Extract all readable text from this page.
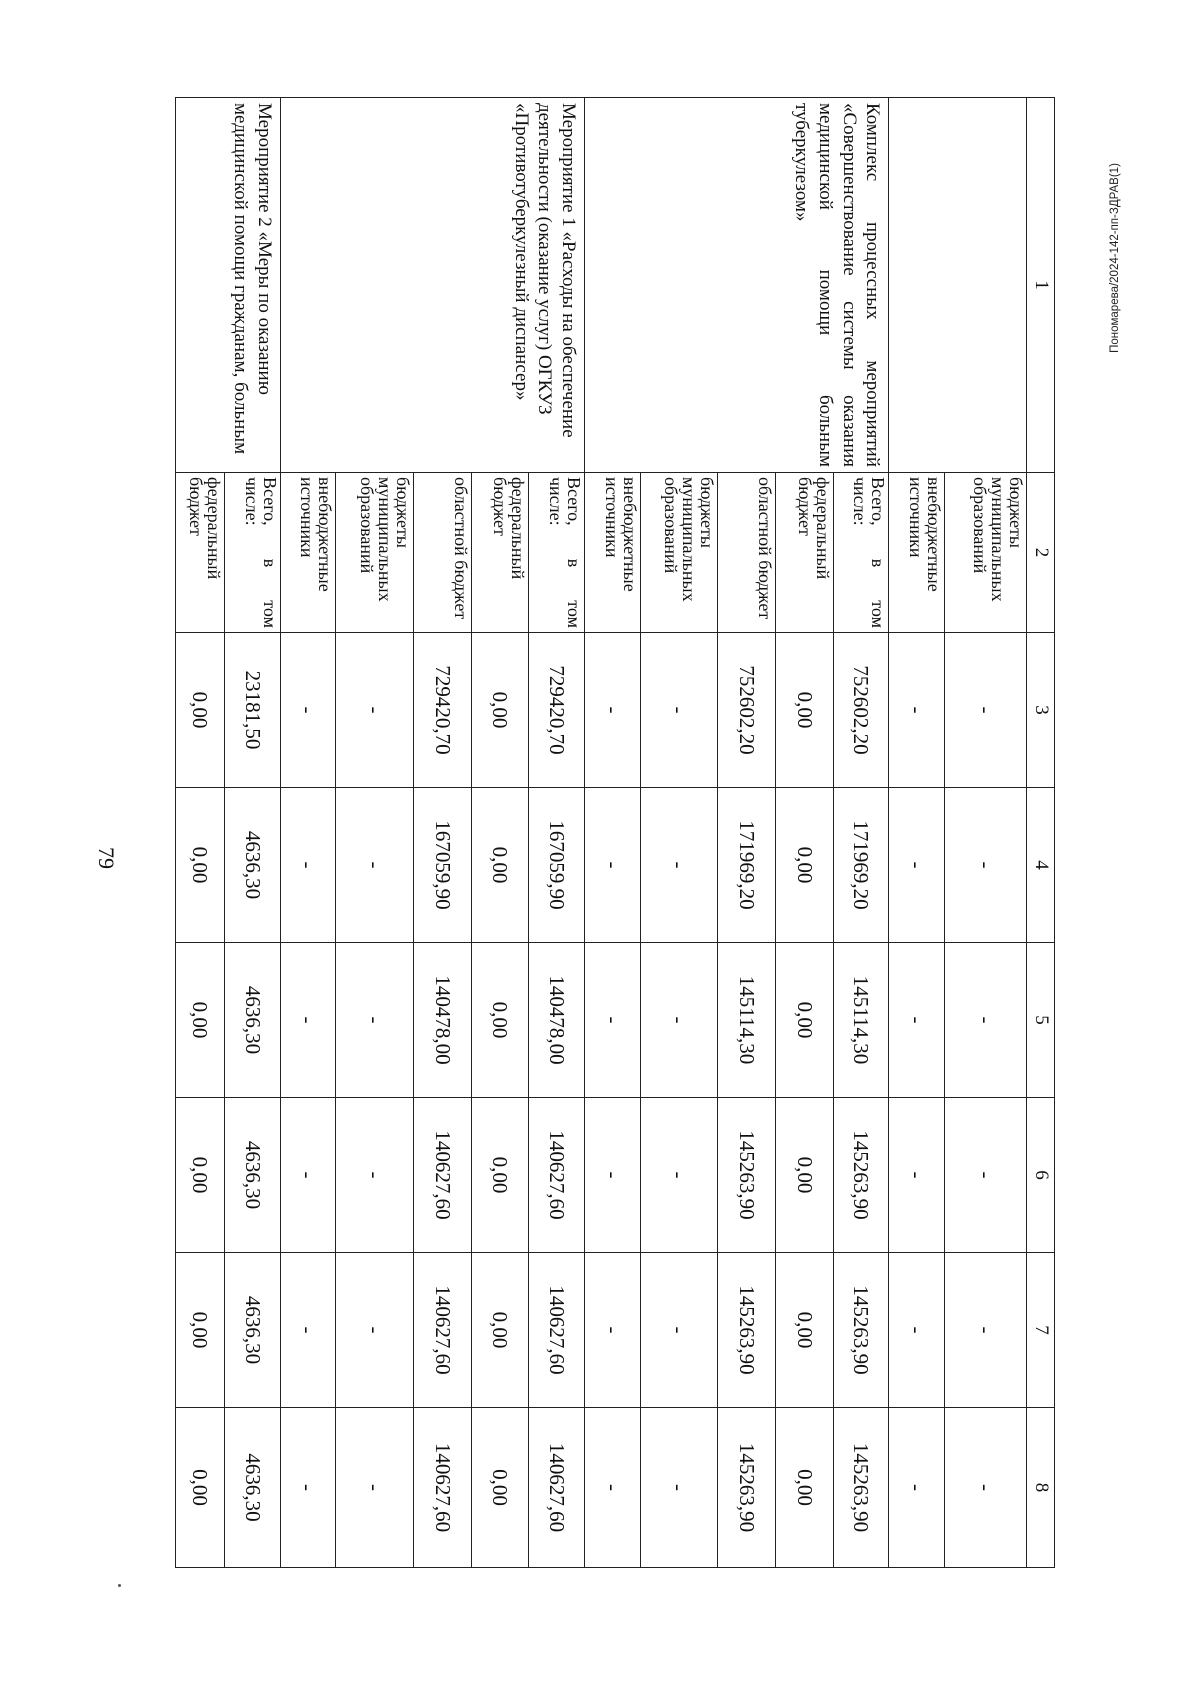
79
Пономарева/2024-142-пп-ЗДРАВ(1)
1	2	3	4	5	6	7	8
	бюджеты муниципальных образований	-	-	-	-	-	-
	внебюджетные источники	-	-	-	-	-	-
Комплекс процессных мероприятий «Совершенствование системы оказания медицинской помощи больным туберкулезом»	Всего,
в
том
числе:	752602,20	171969,20	145114,30	145263,90	145263,90	145263,90
	федеральный бюджет	0,00	0,00	0,00	0,00	0,00	0,00
	областной бюджет	752602,20	171969,20	145114,30	145263,90	145263,90	145263,90
	бюджеты муниципальных образований	-	-	-	-	-	-
	внебюджетные источники	-	-	-	-	-	-
Мероприятие 1 «Расходы на обеспечение деятельности (оказание услуг) ОГКУЗ «Противотуберкулезный диспансер»	Всего,
в
том
числе:	729420,70	167059,90	140478,00	140627,60	140627,60	140627,60
	федеральный бюджет	0,00	0,00	0,00	0,00	0,00	0,00
	областной бюджет	729420,70	167059,90	140478,00	140627,60	140627,60	140627,60
	бюджеты муниципальных образований	-	-	-	-	-	-
	внебюджетные источники	-	-	-	-	-	-
Мероприятие 2 «Меры по оказанию медицинской помощи гражданам, больным	Всего,
в
том
числе:	23181,50	4636,30	4636,30	4636,30	4636,30	4636,30
	федеральный бюджет	0,00	0,00	0,00	0,00	0,00	0,00
